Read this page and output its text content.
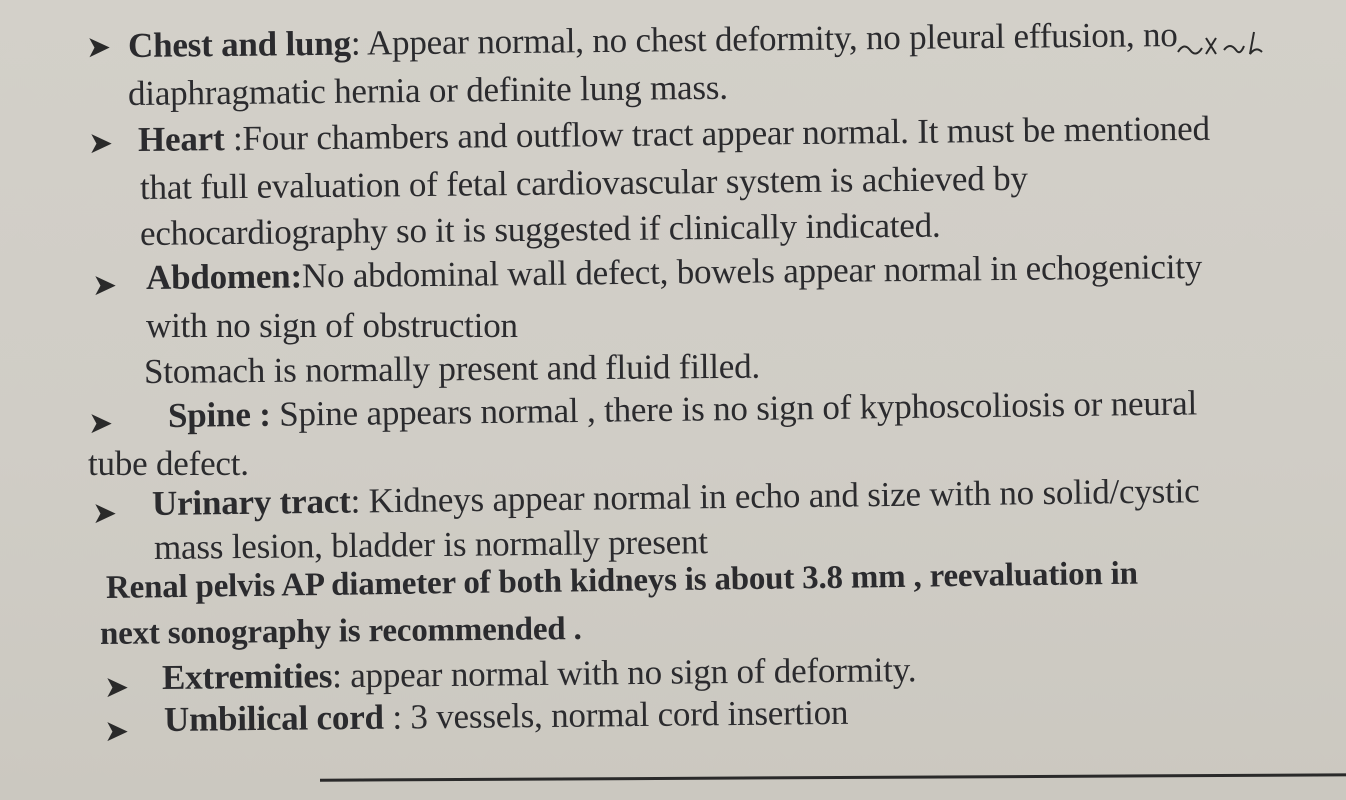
➤ Chest and lung: Appear normal, no chest deformity, no pleural effusion, no
diaphragmatic hernia or definite lung mass.
➤ Heart :Four chambers and outflow tract appear normal. It must be mentioned
that full evaluation of fetal cardiovascular system is achieved by
echocardiography so it is suggested if clinically indicated.
➤ Abdomen:No abdominal wall defect, bowels appear normal in echogenicity
with no sign of obstruction
Stomach is normally present and fluid filled.
➤ Spine : Spine appears normal , there is no sign of kyphoscoliosis or neural
tube defect.
➤ Urinary tract: Kidneys appear normal in echo and size with no solid/cystic
mass lesion, bladder is normally present
Renal pelvis AP diameter of both kidneys is about 3.8 mm , reevaluation in
next sonography is recommended .
➤ Extremities: appear normal with no sign of deformity.
➤ Umbilical cord : 3 vessels, normal cord insertion
